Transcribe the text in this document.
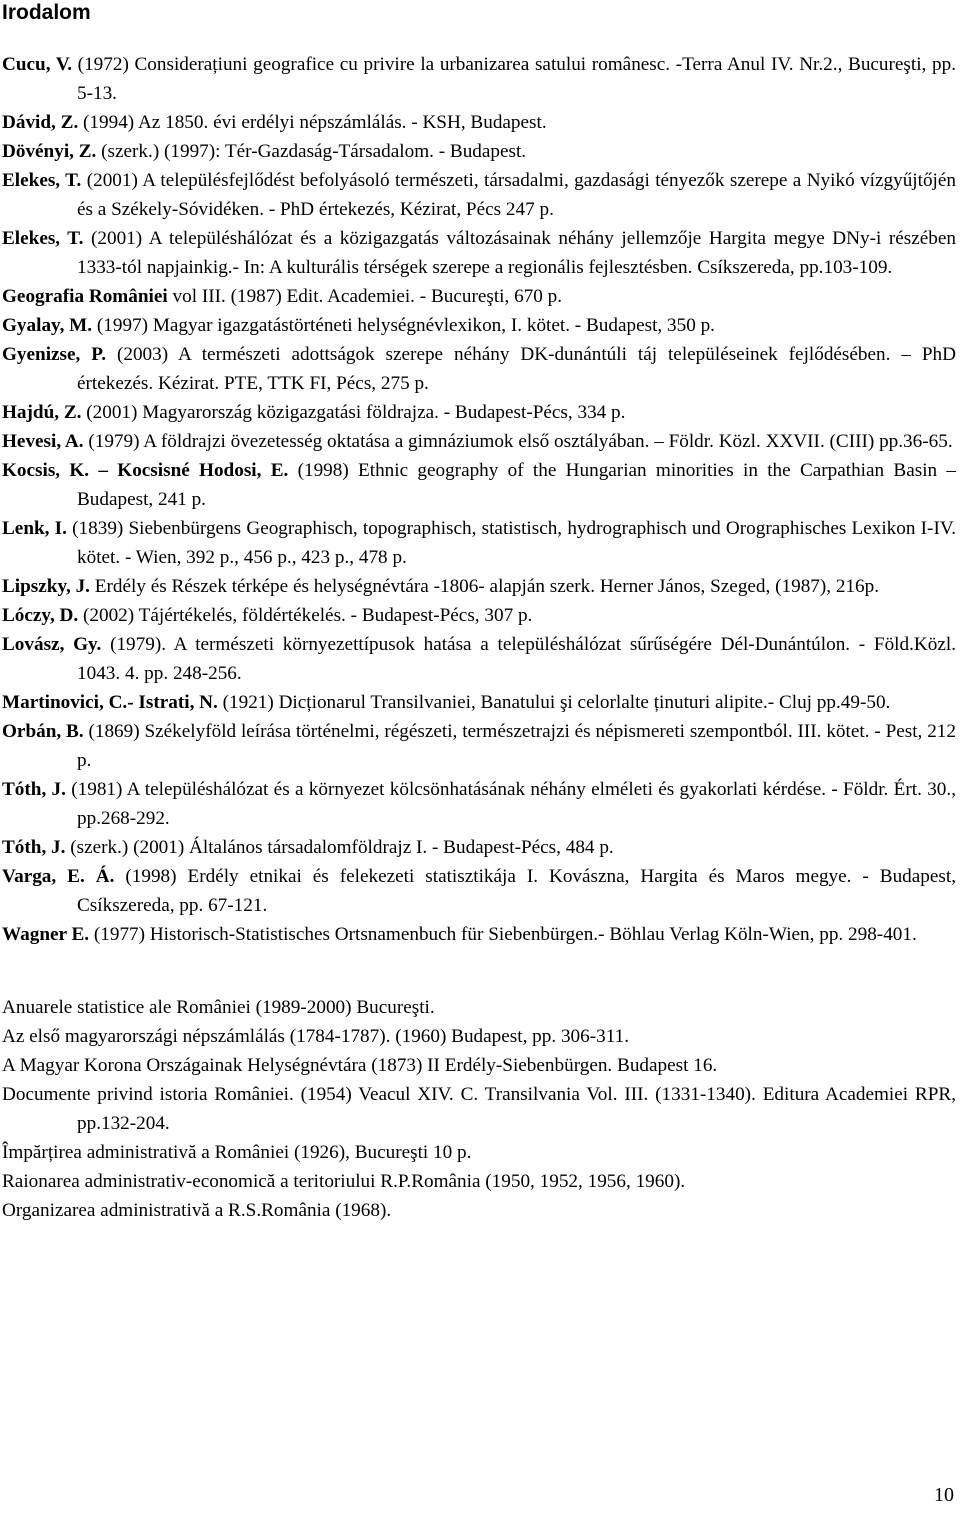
Irodalom
Cucu, V. (1972) Considerațiuni geografice cu privire la urbanizarea satului românesc. -Terra Anul IV. Nr.2., Bucureşti, pp. 5-13.
Dávid, Z. (1994) Az 1850. évi erdélyi népszámlálás. - KSH, Budapest.
Dövényi, Z. (szerk.) (1997): Tér-Gazdaság-Társadalom. - Budapest.
Elekes, T. (2001) A településfejlődést befolyásoló természeti, társadalmi, gazdasági tényezők szerepe a Nyikó vízgyűjtőjén és a Székely-Sóvidéken. - PhD értekezés, Kézirat, Pécs 247 p.
Elekes, T. (2001) A településhálózat és a közigazgatás változásainak néhány jellemzője Hargita megye DNy-i részében 1333-tól napjainkig.- In: A kulturális térségek szerepe a regionális fejlesztésben. Csíkszereda, pp.103-109.
Geografia României vol III. (1987) Edit. Academiei. - Bucureşti, 670 p.
Gyalay, M. (1997) Magyar igazgatástörténeti helységnévlexikon, I. kötet. - Budapest, 350 p.
Gyenizse, P. (2003) A természeti adottságok szerepe néhány DK-dunántúli táj településeinek fejlődésében. – PhD értekezés. Kézirat. PTE, TTK FI, Pécs, 275 p.
Hajdú, Z. (2001) Magyarország közigazgatási földrajza. - Budapest-Pécs, 334 p.
Hevesi, A. (1979) A földrajzi övezetesség oktatása a gimnáziumok első osztályában. – Földr. Közl. XXVII. (CIII) pp.36-65.
Kocsis, K. – Kocsisné Hodosi, E. (1998) Ethnic geography of the Hungarian minorities in the Carpathian Basin – Budapest, 241 p.
Lenk, I. (1839) Siebenbürgens Geographisch, topographisch, statistisch, hydrographisch und Orographisches Lexikon I-IV. kötet. - Wien, 392 p., 456 p., 423 p., 478 p.
Lipszky, J. Erdély és Részek térképe és helységnévtára -1806- alapján szerk. Herner János, Szeged, (1987), 216p.
Lóczy, D. (2002) Tájértékelés, földértékelés. - Budapest-Pécs, 307 p.
Lovász, Gy. (1979). A természeti környezettípusok hatása a településhálózat sűrűségére Dél-Dunántúlon. - Föld.Közl. 1043. 4. pp. 248-256.
Martinovici, C.- Istrati, N. (1921) Dicționarul Transilvaniei, Banatului şi celorlalte ținuturi alipite.- Cluj pp.49-50.
Orbán, B. (1869) Székelyföld leírása történelmi, régészeti, természetrajzi és népismereti szempontból. III. kötet. - Pest, 212 p.
Tóth, J. (1981) A településhálózat és a környezet kölcsönhatásának néhány elméleti és gyakorlati kérdése. - Földr. Ért. 30., pp.268-292.
Tóth, J. (szerk.) (2001) Általános társadalomföldrajz I. - Budapest-Pécs, 484 p.
Varga, E. Á. (1998) Erdély etnikai és felekezeti statisztikája I. Kovászna, Hargita és Maros megye. - Budapest, Csíkszereda, pp. 67-121.
Wagner E. (1977) Historisch-Statistisches Ortsnamenbuch für Siebenbürgen.- Böhlau Verlag Köln-Wien, pp. 298-401.
Anuarele statistice ale României (1989-2000) Bucureşti.
Az első magyarországi népszámlálás (1784-1787). (1960) Budapest, pp. 306-311.
A Magyar Korona Országainak Helységnévtára (1873) II Erdély-Siebenbürgen. Budapest 16.
Documente privind istoria României. (1954) Veacul XIV. C. Transilvania Vol. III. (1331-1340). Editura Academiei RPR, pp.132-204.
Împărțirea administrativă a României (1926), Bucureşti 10 p.
Raionarea administrativ-economică a teritoriului R.P.România (1950, 1952, 1956, 1960).
Organizarea administrativă a R.S.România (1968).
10
